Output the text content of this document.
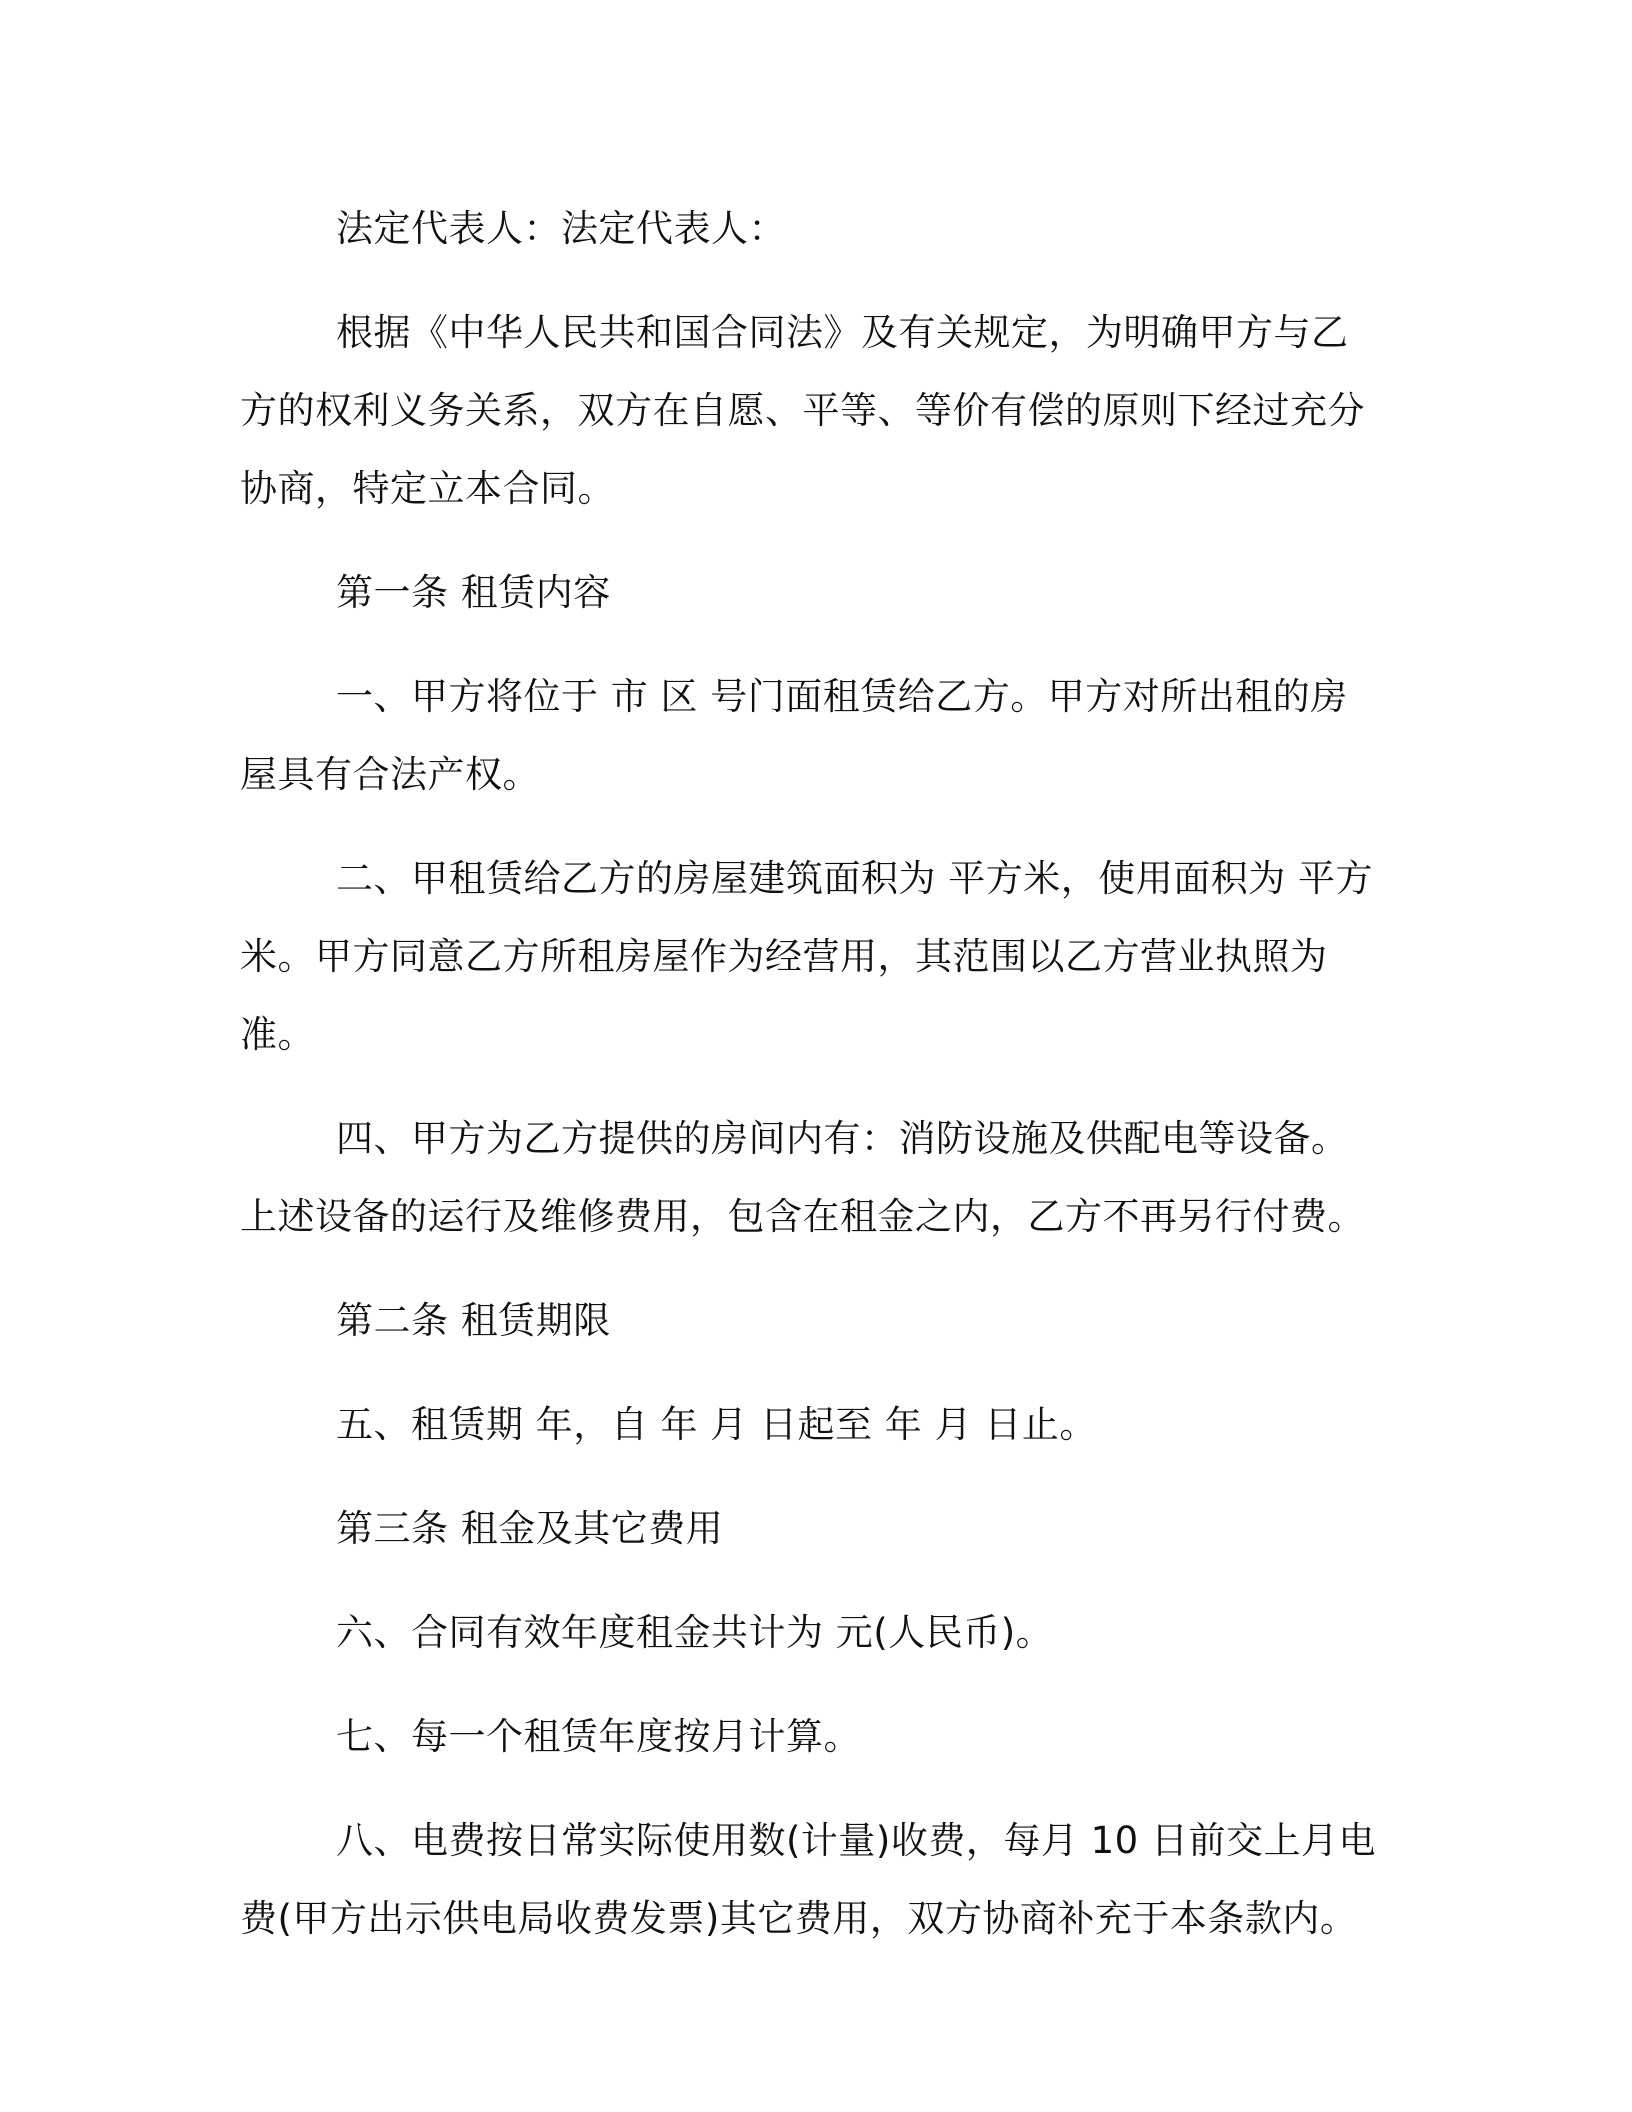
法定代表人：法定代表人：

根据《中华人民共和国合同法》及有关规定，为明确甲方与乙方的权利义务关系，双方在自愿、平等、等价有偿的原则下经过充分协商，特定立本合同。

第一条 租赁内容

一、甲方将位于 市 区 号门面租赁给乙方。甲方对所出租的房屋具有合法产权。

二、甲租赁给乙方的房屋建筑面积为 平方米，使用面积为 平方米。甲方同意乙方所租房屋作为经营用，其范围以乙方营业执照为准。

四、甲方为乙方提供的房间内有：消防设施及供配电等设备。上述设备的运行及维修费用，包含在租金之内，乙方不再另行付费。

第二条 租赁期限

五、租赁期 年，自 年 月 日起至 年 月 日止。

第三条 租金及其它费用

六、合同有效年度租金共计为 元(人民币)。

七、每一个租赁年度按月计算。

八、电费按日常实际使用数(计量)收费，每月 10 日前交上月电费(甲方出示供电局收费发票)其它费用，双方协商补充于本条款内。
